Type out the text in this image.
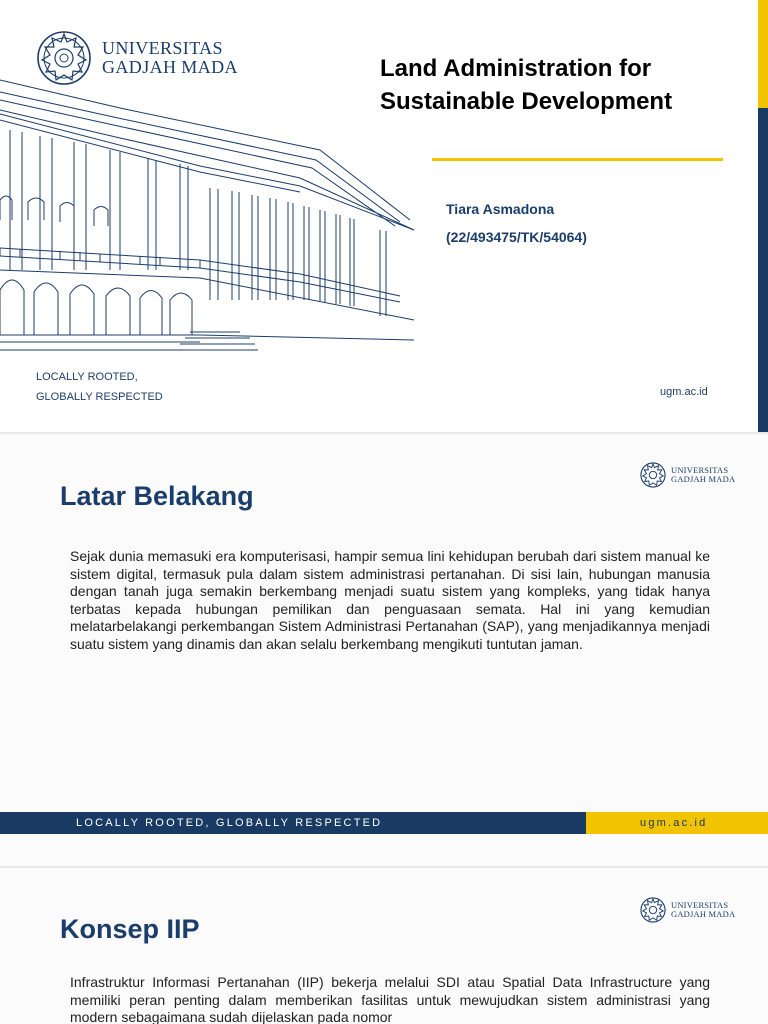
UNIVERSITAS
GADJAH MADA	Land Administration for
Sustainable Development
Tiara Asmadona
(22/493475/TK/54064)
LOCALLY ROOTED,
GLOBALLY RESPECTED	ugm.ac.id
UNIVERSITAS
GADJAH MADA
Latar Belakang
Sejak dunia memasuki era komputerisasi, hampir semua lini kehidupan berubah dari sistem manual ke sistem digital, termasuk pula dalam sistem administrasi pertanahan. Di sisi lain, hubungan manusia dengan tanah juga semakin berkembang menjadi suatu sistem yang kompleks, yang tidak hanya terbatas kepada hubungan pemilikan dan penguasaan semata. Hal ini yang kemudian melatarbelakangi perkembangan Sistem Administrasi Pertanahan (SAP), yang menjadikannya menjadi suatu sistem yang dinamis dan akan selalu berkembang mengikuti tuntutan jaman.
LOCALLY ROOTED, GLOBALLY RESPECTED	ugm.ac.id
UNIVERSITAS
GADJAH MADA
Konsep IIP
Infrastruktur Informasi Pertanahan (IIP) bekerja melalui SDI atau Spatial Data Infrastructure yang memiliki peran penting dalam memberikan fasilitas untuk mewujudkan sistem administrasi yang modern sebagaimana sudah dijelaskan pada nomor
